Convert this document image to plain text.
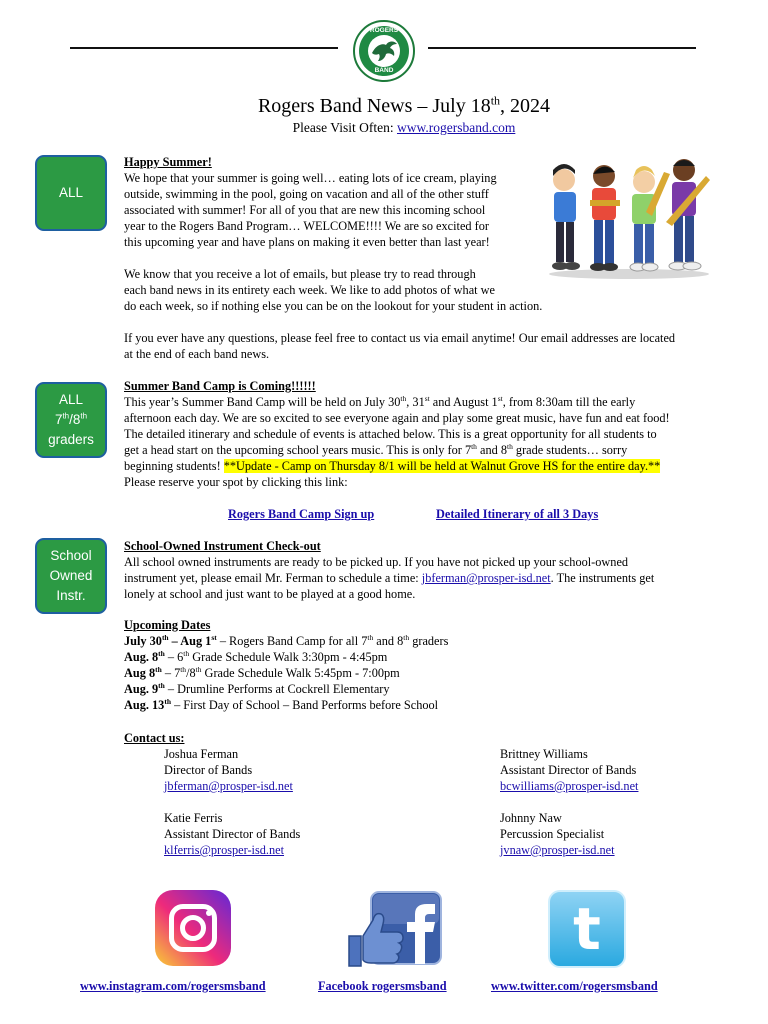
ROGERS
BAND
Rogers Band News – July 18th, 2024
Please Visit Often: www.rogersband.com
ALL
ALL
7th/8th
graders
School
Owned
Instr.
Happy Summer!
We hope that your summer is going well… eating lots of ice cream, playing
outside, swimming in the pool, going on vacation and all of the other stuff
associated with summer! For all of you that are new this incoming school
year to the Rogers Band Program… WELCOME!!!! We are so excited for
this upcoming year and have plans on making it even better than last year!
We know that you receive a lot of emails, but please try to read through
each band news in its entirety each week. We like to add photos of what we
do each week, so if nothing else you can be on the lookout for your student in action.
If you ever have any questions, please feel free to contact us via email anytime! Our email addresses are located
at the end of each band news.
Summer Band Camp is Coming!!!!!!
This year’s Summer Band Camp will be held on July 30th, 31st and August 1st, from 8:30am till the early
afternoon each day. We are so excited to see everyone again and play some great music, have fun and eat food!
The detailed itinerary and schedule of events is attached below. This is a great opportunity for all students to
get a head start on the upcoming school years music. This is only for 7th and 8th grade students… sorry
beginning students! **Update - Camp on Thursday 8/1 will be held at Walnut Grove HS for the entire day.**
Please reserve your spot by clicking this link:
Rogers Band Camp Sign up	Detailed Itinerary of all 3 Days
School-Owned Instrument Check-out
All school owned instruments are ready to be picked up. If you have not picked up your school-owned
instrument yet, please email Mr. Ferman to schedule a time: jbferman@prosper-isd.net. The instruments get
lonely at school and just want to be played at a good home.
Upcoming Dates
July 30th – Aug 1st – Rogers Band Camp for all 7th and 8th graders
Aug. 8th – 6th Grade Schedule Walk 3:30pm - 4:45pm
Aug 8th – 7th/8th Grade Schedule Walk 5:45pm - 7:00pm
Aug. 9th – Drumline Performs at Cockrell Elementary
Aug. 13th – First Day of School – Band Performs before School
Contact us:
Joshua Ferman
Director of Bands
jbferman@prosper-isd.net
Brittney Williams
Assistant Director of Bands
bcwilliams@prosper-isd.net
Katie Ferris
Assistant Director of Bands
klferris@prosper-isd.net
Johnny Naw
Percussion Specialist
jvnaw@prosper-isd.net
t
www.instagram.com/rogersmsband	Facebook rogersmsband	www.twitter.com/rogersmsband
